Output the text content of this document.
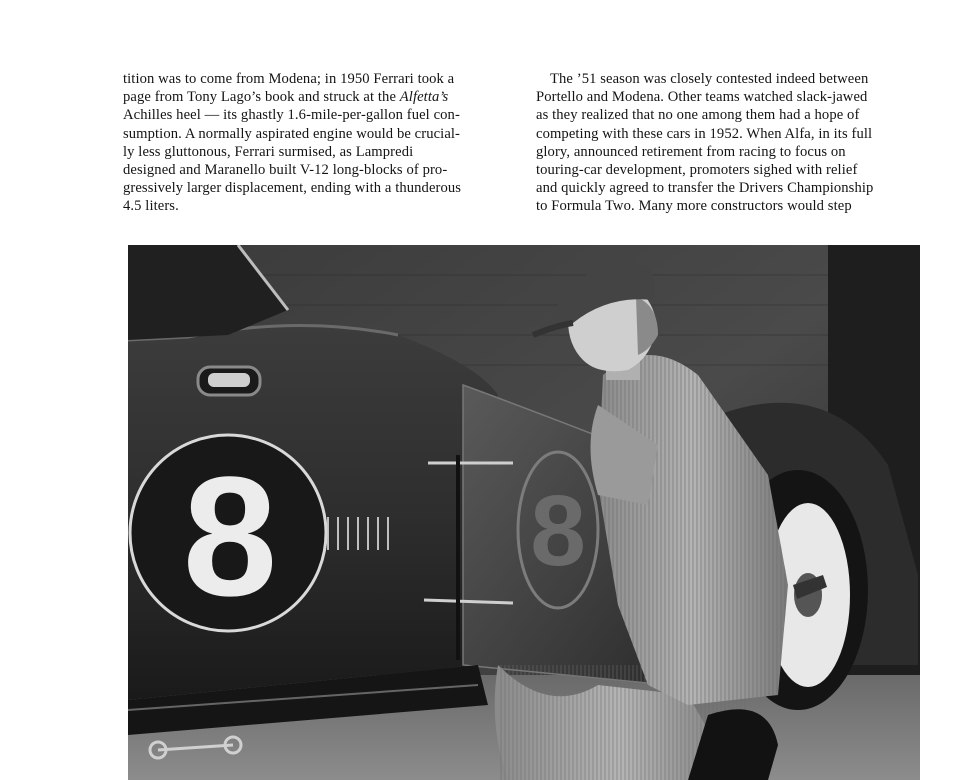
tition was to come from Modena; in 1950 Ferrari took a
page from Tony Lago’s book and struck at the Alfetta’s
Achilles heel — its ghastly 1.6-mile-per-gallon fuel con-
sumption. A normally aspirated engine would be crucial-
ly less gluttonous, Ferrari surmised, as Lampredi
designed and Maranello built V-12 long-blocks of pro-
gressively larger displacement, ending with a thunderous
4.5 liters.
The ’51 season was closely contested indeed between
Portello and Modena. Other teams watched slack-jawed
as they realized that no one among them had a hope of
competing with these cars in 1952. When Alfa, in its full
glory, announced retirement from racing to focus on
touring-car development, promoters sighed with relief
and quickly agreed to transfer the Drivers Championship
to Formula Two. Many more constructors would step
8	8
